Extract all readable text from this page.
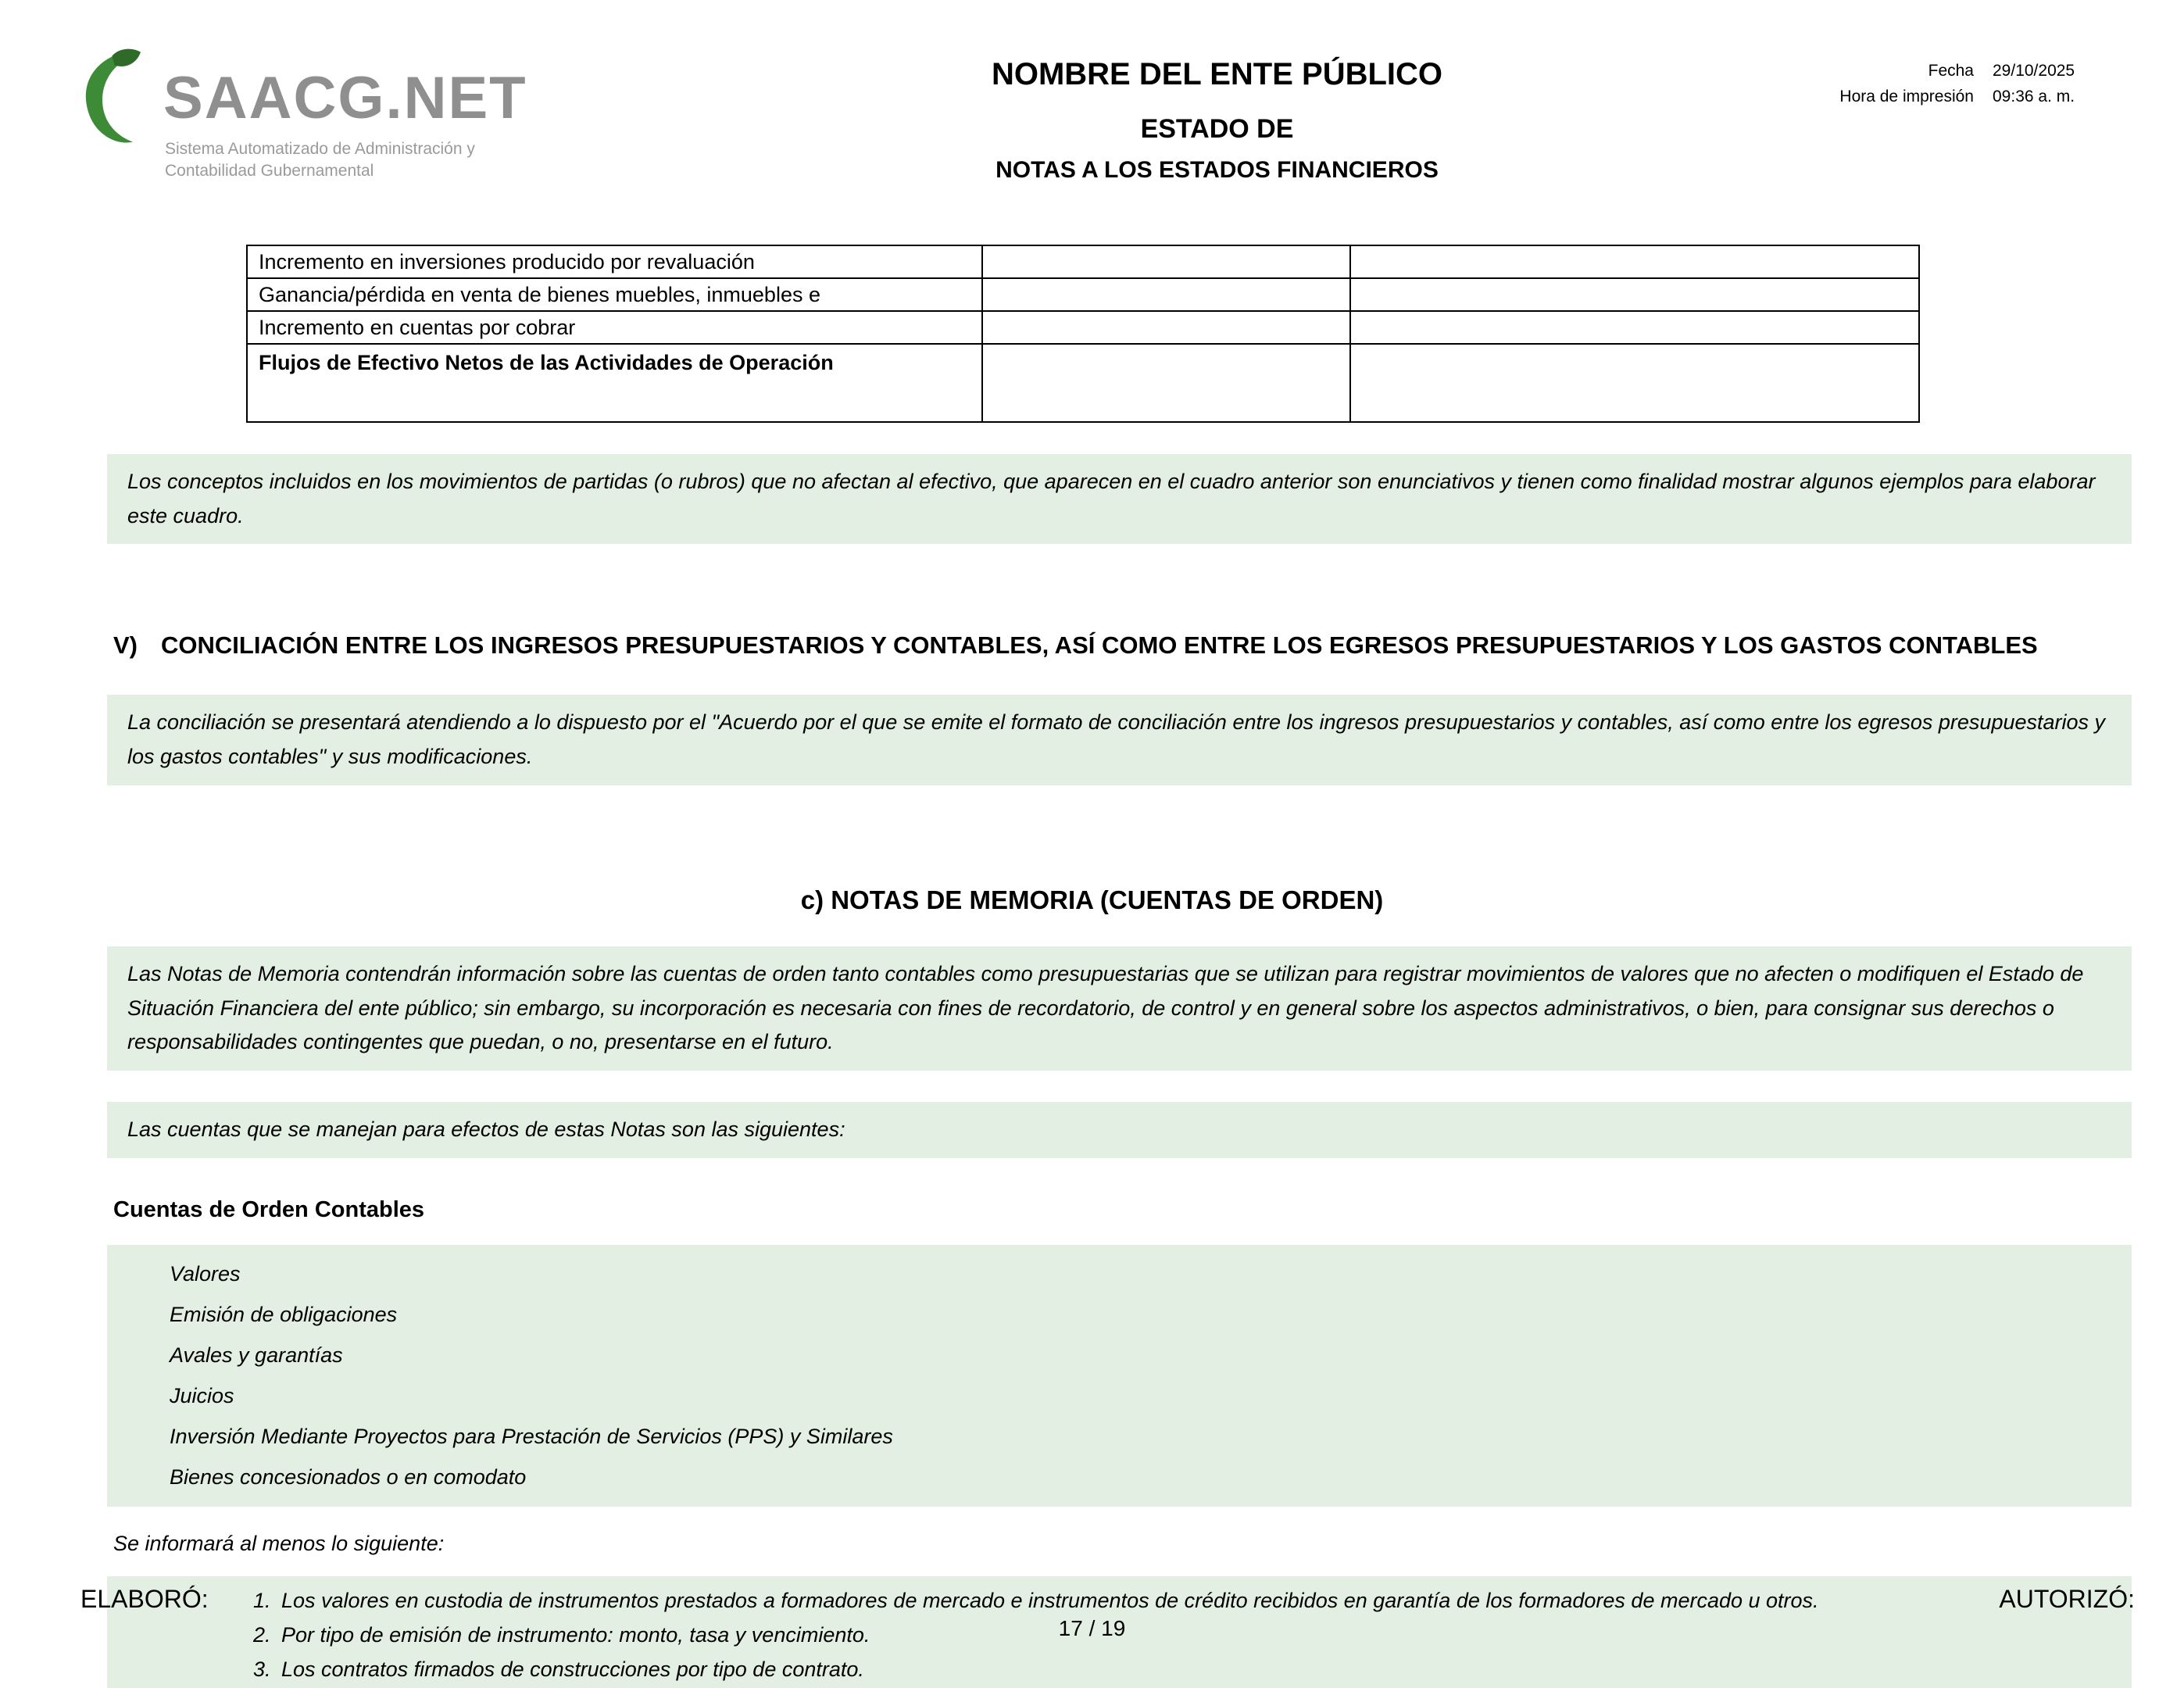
SAACG.NET
Sistema Automatizado de Administración y
Contabilidad Gubernamental
NOMBRE DEL ENTE PÚBLICO
ESTADO DE
NOTAS A LOS ESTADOS FINANCIEROS
Fecha 29/10/2025
Hora de impresión 09:36 a. m.
Incremento en inversiones producido por revaluación		
Ganancia/pérdida en venta de bienes muebles, inmuebles e		
Incremento en cuentas por cobrar		
Flujos de Efectivo Netos de las Actividades de Operación		
Los conceptos incluidos en los movimientos de partidas (o rubros) que no afectan al efectivo, que aparecen en el cuadro anterior son enunciativos y tienen como finalidad mostrar algunos ejemplos para elaborar este cuadro.
V) CONCILIACIÓN ENTRE LOS INGRESOS PRESUPUESTARIOS Y CONTABLES, ASÍ COMO ENTRE LOS EGRESOS PRESUPUESTARIOS Y LOS GASTOS CONTABLES
La conciliación se presentará atendiendo a lo dispuesto por el "Acuerdo por el que se emite el formato de conciliación entre los ingresos presupuestarios y contables, así como entre los egresos presupuestarios y los gastos contables" y sus modificaciones.
c) NOTAS DE MEMORIA (CUENTAS DE ORDEN)
Las Notas de Memoria contendrán información sobre las cuentas de orden tanto contables como presupuestarias que se utilizan para registrar movimientos de valores que no afecten o modifiquen el Estado de Situación Financiera del ente público; sin embargo, su incorporación es necesaria con fines de recordatorio, de control y en general sobre los aspectos administrativos, o bien, para consignar sus derechos o responsabilidades contingentes que puedan, o no, presentarse en el futuro.
Las cuentas que se manejan para efectos de estas Notas son las siguientes:
Cuentas de Orden Contables
Valores
Emisión de obligaciones
Avales y garantías
Juicios
Inversión Mediante Proyectos para Prestación de Servicios (PPS) y Similares
Bienes concesionados o en comodato
Se informará al menos lo siguiente:
1. Los valores en custodia de instrumentos prestados a formadores de mercado e instrumentos de crédito recibidos en garantía de los formadores de mercado u otros.
2. Por tipo de emisión de instrumento: monto, tasa y vencimiento.
3. Los contratos firmados de construcciones por tipo de contrato.
ELABORÓ:	AUTORIZÓ:
17 / 19
